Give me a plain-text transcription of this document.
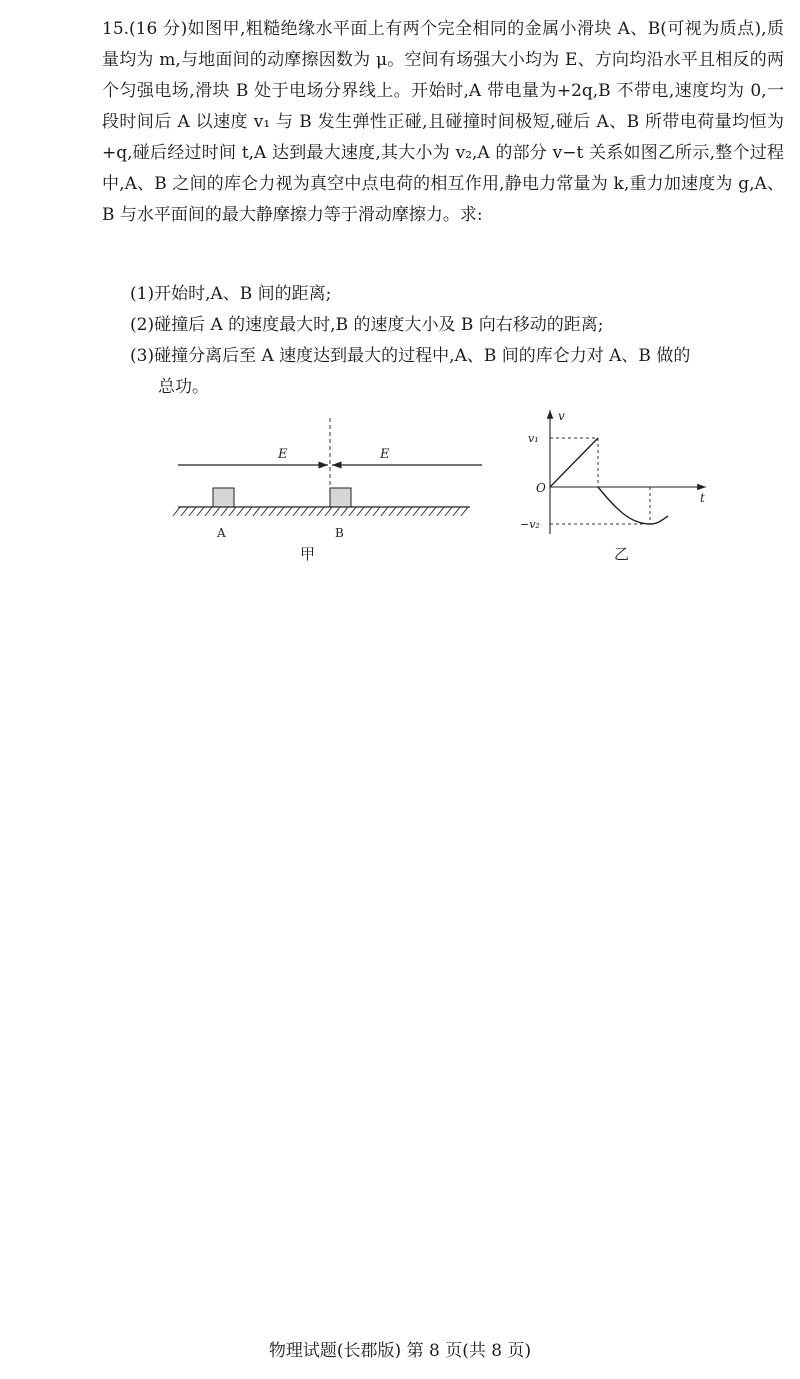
15.(16 分)如图甲,粗糙绝缘水平面上有两个完全相同的金属小滑块 A、B(可视为质点),质量均为 m,与地面间的动摩擦因数为 μ。空间有场强大小均为 E、方向均沿水平且相反的两个匀强电场,滑块 B 处于电场分界线上。开始时,A 带电量为+2q,B 不带电,速度均为 0,一段时间后 A 以速度 v₁ 与 B 发生弹性正碰,且碰撞时间极短,碰后 A、B 所带电荷量均恒为+q,碰后经过时间 t,A 达到最大速度,其大小为 v₂,A 的部分 v−t 关系如图乙所示,整个过程中,A、B 之间的库仑力视为真空中点电荷的相互作用,静电力常量为 k,重力加速度为 g,A、B 与水平面间的最大静摩擦力等于滑动摩擦力。求:
(1)开始时,A、B 间的距离;
(2)碰撞后 A 的速度最大时,B 的速度大小及 B 向右移动的距离;
(3)碰撞分离后至 A 速度达到最大的过程中,A、B 间的库仑力对 A、B 做的
总功。
E	E
A	B
甲
v
t
O
v₁
−v₂
乙
物理试题(长郡版) 第 8 页(共 8 页)
